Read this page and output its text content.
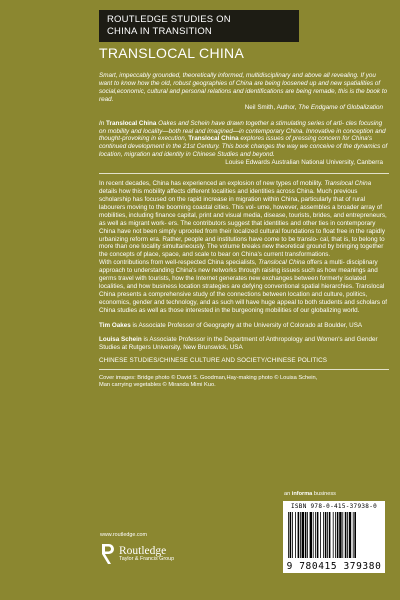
ROUTLEDGE STUDIES ON
CHINA IN TRANSITION
TRANSLOCAL CHINA

Smart, impeccably grounded, theoretically informed, multidisciplinary and above all revealing. If you want to know how the old, robust geographies of China are being loosened up and new spatialities of social,economic, cultural and personal relations and identifications are being remade, this is the book to read.

Neil Smith, Author, The Endgame of Globalization

In Translocal China Oakes and Schein have drawn together a stimulating series of arti- cles focusing on mobility and locality—both real and imagined—in contemporary China. Innovative in conception and thought-provoking in execution, Translocal China explores issues of pressing concern for China's continued development in the 21st Century. This book changes the way we conceive of the dynamics of location, migration and identity in Chinese Studies and beyond.

Louise Edwards Australian National University, Canberra

In recent decades, China has experienced an explosion of new types of mobility. Translocal China details how this mobility affects different localities and identities across China. Much previous scholarship has focused on the rapid increase in migration within China, particularly that of rural labourers moving to the booming coastal cities. This vol- ume, however, assembles a broader array of mobilities, including finance capital, print and visual media, disease, tourists, brides, and entrepreneurs, as well as migrant work- ers. The contributors suggest that identities and other ties in contemporary China have not been simply uprooted from their localized cultural foundations to float free in the rapidly urbanizing reform era. Rather, people and institutions have come to be translo- cal, that is, to belong to more than one locality simultaneously. The volume breaks new theoretical ground by bringing together the concepts of place, space, and scale to bear on China's current transformations.

With contributions from well-respected China specialists, Translocal China offers a multi- disciplinary approach to understanding China's new networks through raising issues such as how meanings and germs travel with tourists, how the Internet generates new exchanges between formerly isolated localities, and how business location strategies are defying conventional spatial hierarchies. Translocal China presents a comprehensive study of the connections between location and culture, politics, economics, gender and technology, and as such will have huge appeal to both students and scholars of China studies as well as those interested in the burgeoning mobilities of our globalizing world.

Tim Oakes is Associate Professor of Geography at the University of Colorado at Boulder, USA

Louisa Schein is Associate Professor in the Department of Anthropology and Women's and Gender Studies at Rutgers University, New Brunswick, USA

CHINESE STUDIES/CHINESE CULTURE AND SOCIETY/CHINESE POLITICS

Cover images: Bridge photo © David S. Goodman,Hay-making photo © Louisa Schein,

Man carrying vegetables © Miranda Mimi Kuo.

an informa business
ISBN 978-0-415-37938-0
9 780415 379380
www.routledge.com
Routledge
Taylor & Francis Group
